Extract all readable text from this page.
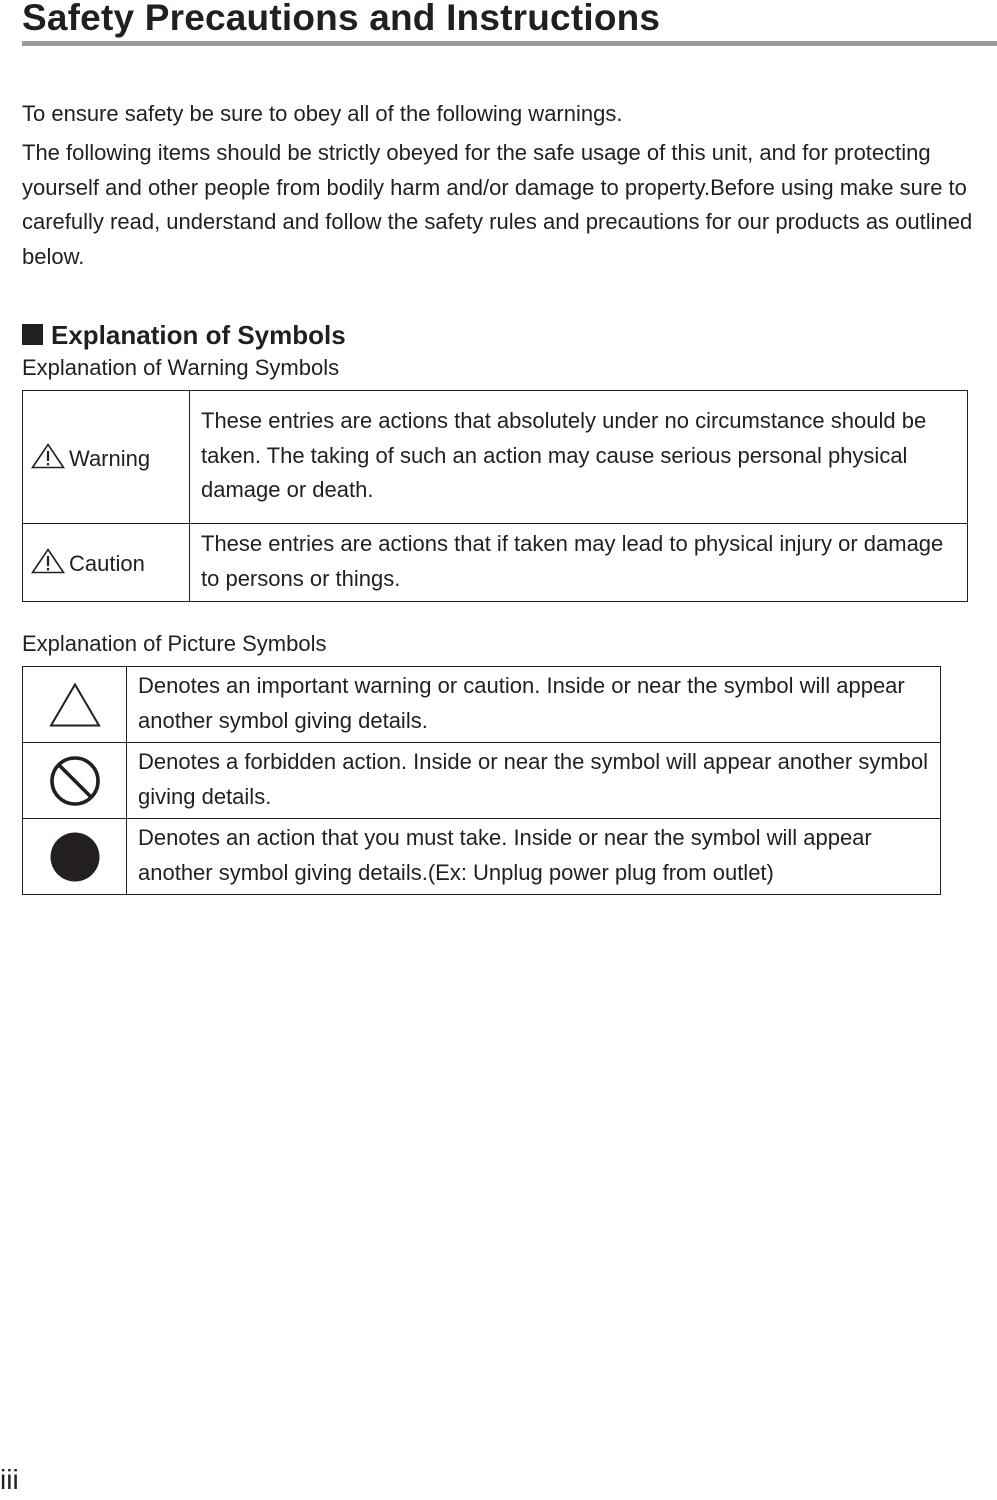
Safety Precautions and Instructions

To ensure safety be sure to obey all of the following warnings.

The following items should be strictly obeyed for the safe usage of this unit, and for protecting yourself and other people from bodily harm and/or damage to property.Before using make sure to carefully read, understand and follow the safety rules and precautions for our products as outlined below.

Explanation of Symbols

Explanation of Warning Symbols

Warning	These entries are actions that absolutely under no circumstance should be taken. The taking of such an action may cause serious personal physical damage or death.
Caution	These entries are actions that if taken may lead to physical injury or damage to persons or things.

Explanation of Picture Symbols

	Denotes an important warning or caution. Inside or near the symbol will appear another symbol giving details.
	Denotes a forbidden action. Inside or near the symbol will appear another symbol giving details.
	Denotes an action that you must take. Inside or near the symbol will appear another symbol giving details.(Ex: Unplug power plug from outlet)

iii
